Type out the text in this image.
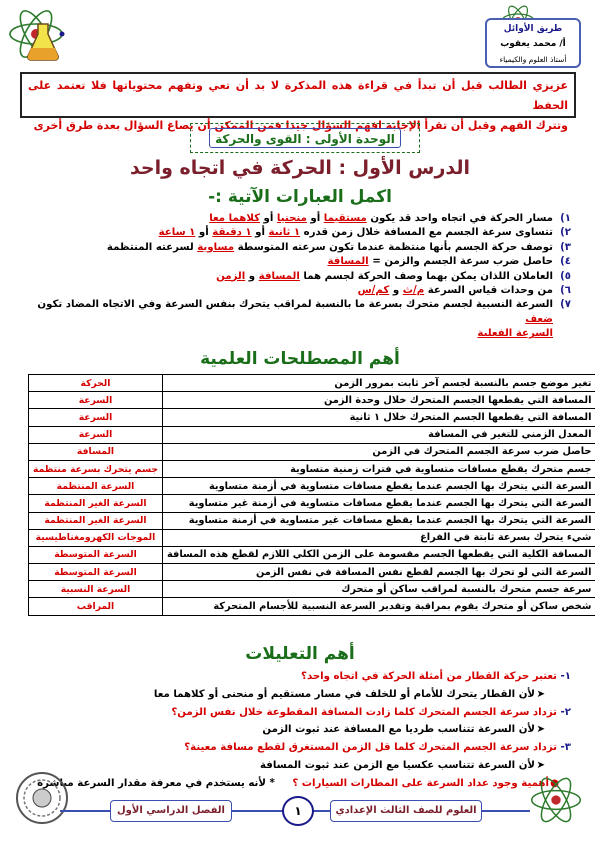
طريق الأوائل
أ/ محمد يعقوب
أستاذ العلوم والكيمياء
عزيزي الطالب قبل أن تبدأ في قراءة هذه المذكرة لا بد أن تعي وتفهم محتوياتها فلا تعتمد على الحفظ
وتترك الفهم وقبل أن تقرأ الإجابة افهم السؤال جيدا فمن الممكن أن يصاغ السؤال بعدة طرق أخرى
الوحدة الأولى : القوى والحركة
الدرس الأول : الحركة في اتجاه واحد
اكمل العبارات الآتية :-
١)
مسار الحركة في اتجاه واحد قد يكون مستقيما أو منحنيا أو كلاهما معا
٢)
تتساوى سرعة الجسم مع المسافة خلال زمن قدره ١ ثانية أو ١ دقيقة أو ١ ساعة
٣)
توصف حركة الجسم بأنها منتظمة عندما تكون سرعته المتوسطة مساوية لسرعته المنتظمة
٤)
حاصل ضرب سرعة الجسم والزمن = المسافة
٥)
العاملان اللذان يمكن بهما وصف الحركة لجسم هما المسافة و الزمن
٦)
من وحدات قياس السرعة م/ث و كم/س
٧)
السرعة النسبية لجسم متحرك بسرعة ما بالنسبة لمراقب يتحرك بنفس السرعة وفي الاتجاه المضاد تكون ضعف
السرعة الفعلية
أهم المصطلحات العلمية
	تغير موضع جسم بالنسبة لجسم آخر ثابت بمرور الزمن	الحركة
	المسافة التي يقطعها الجسم المتحرك خلال وحدة الزمن	السرعة
	المسافة التي يقطعها الجسم المتحرك خلال ١ ثانية	السرعة
	المعدل الزمني للتغير في المسافة	السرعة
	حاصل ضرب سرعة الجسم المتحرك في الزمن	المسافة
	جسم متحرك يقطع مسافات متساوية في فترات زمنية متساوية	جسم يتحرك بسرعة منتظمة
	السرعة التي يتحرك بها الجسم عندما يقطع مسافات متساوية في أزمنة متساوية	السرعة المنتظمة
	السرعة التي يتحرك بها الجسم عندما يقطع مسافات متساوية في أزمنة غير متساوية	السرعة الغير المنتظمة
	السرعة التي يتحرك بها الجسم عندما يقطع مسافات غير متساوية في أزمنة متساوية	السرعة الغير المنتظمة
	شيء يتحرك بسرعة ثابتة في الفراغ	الموجات الكهرومغناطيسية
	المسافة الكلية التي يقطعها الجسم مقسومة على الزمن الكلي اللازم لقطع هذه المسافة	السرعة المتوسطة
	السرعة التي لو تحرك بها الجسم لقطع نفس المسافة في نفس الزمن	السرعة المتوسطة
	سرعة جسم متحرك بالنسبة لمراقب ساكن أو متحرك	السرعة النسبية
	شخص ساكن أو متحرك يقوم بمراقبة وتقدير السرعة النسبية للأجسام المتحركة	المراقب
أهم التعليلات
١- تعتبر حركة القطار من أمثلة الحركة في اتجاه واحد؟
➤لأن القطار يتحرك للأمام أو للخلف في مسار مستقيم أو منحنى أو كلاهما معا
٢- تزداد سرعة الجسم المتحرك كلما زادت المسافة المقطوعة خلال نفس الزمن؟
➤لأن السرعة تتناسب طرديا مع المسافة عند ثبوت الزمن
٣- تزداد سرعة الجسم المتحرك كلما قل الزمن المستغرق لقطع مسافة معينة؟
➤لأن السرعة تتناسب عكسيا مع الزمن عند ثبوت المسافة
●أهمية وجود عداد السرعة على المطارات السيارات ؟ * لأنه يستخدم في معرفة مقدار السرعة مباشرة
العلوم للصف الثالث الإعدادي
١
الفصل الدراسي الأول
